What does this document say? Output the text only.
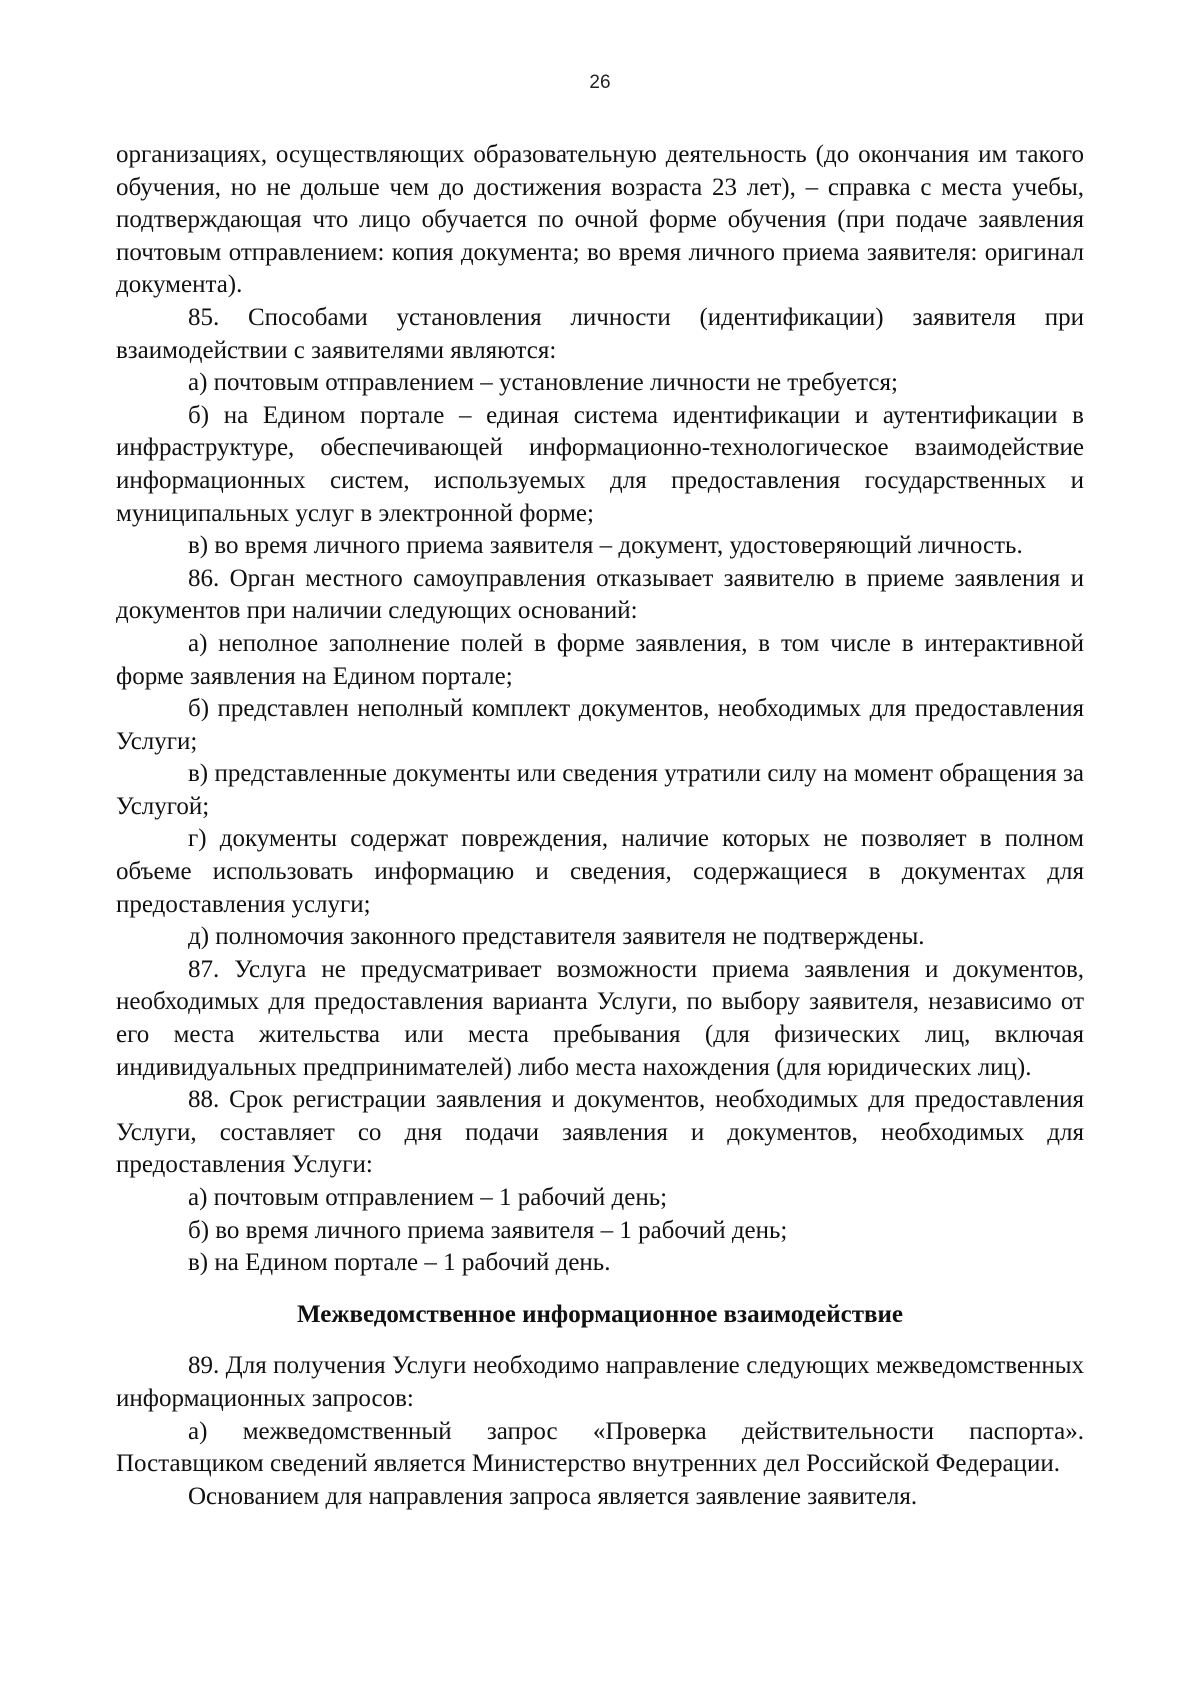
26

организациях, осуществляющих образовательную деятельность (до окончания им такого обучения, но не дольше чем до достижения возраста 23 лет), – справка с места учебы, подтверждающая что лицо обучается по очной форме обучения (при подаче заявления почтовым отправлением: копия документа; во время личного приема заявителя: оригинал документа).

85. Способами установления личности (идентификации) заявителя при взаимодействии с заявителями являются:

а) почтовым отправлением – установление личности не требуется;

б) на Едином портале – единая система идентификации и аутентификации в инфраструктуре, обеспечивающей информационно-технологическое взаимодействие информационных систем, используемых для предоставления государственных и муниципальных услуг в электронной форме;

в) во время личного приема заявителя – документ, удостоверяющий личность.

86. Орган местного самоуправления отказывает заявителю в приеме заявления и документов при наличии следующих оснований:

а) неполное заполнение полей в форме заявления, в том числе в интерактивной форме заявления на Едином портале;

б) представлен неполный комплект документов, необходимых для предоставления Услуги;

в) представленные документы или сведения утратили силу на момент обращения за Услугой;

г) документы содержат повреждения, наличие которых не позволяет в полном объеме использовать информацию и сведения, содержащиеся в документах для предоставления услуги;

д) полномочия законного представителя заявителя не подтверждены.

87. Услуга не предусматривает возможности приема заявления и документов, необходимых для предоставления варианта Услуги, по выбору заявителя, независимо от его места жительства или места пребывания (для физических лиц, включая индивидуальных предпринимателей) либо места нахождения (для юридических лиц).

88. Срок регистрации заявления и документов, необходимых для предоставления Услуги, составляет со дня подачи заявления и документов, необходимых для предоставления Услуги:

а) почтовым отправлением – 1 рабочий день;

б) во время личного приема заявителя – 1 рабочий день;

в) на Едином портале – 1 рабочий день.

Межведомственное информационное взаимодействие

89. Для получения Услуги необходимо направление следующих межведомственных информационных запросов:

а) межведомственный запрос «Проверка действительности паспорта». Поставщиком сведений является Министерство внутренних дел Российской Федерации.

Основанием для направления запроса является заявление заявителя.
